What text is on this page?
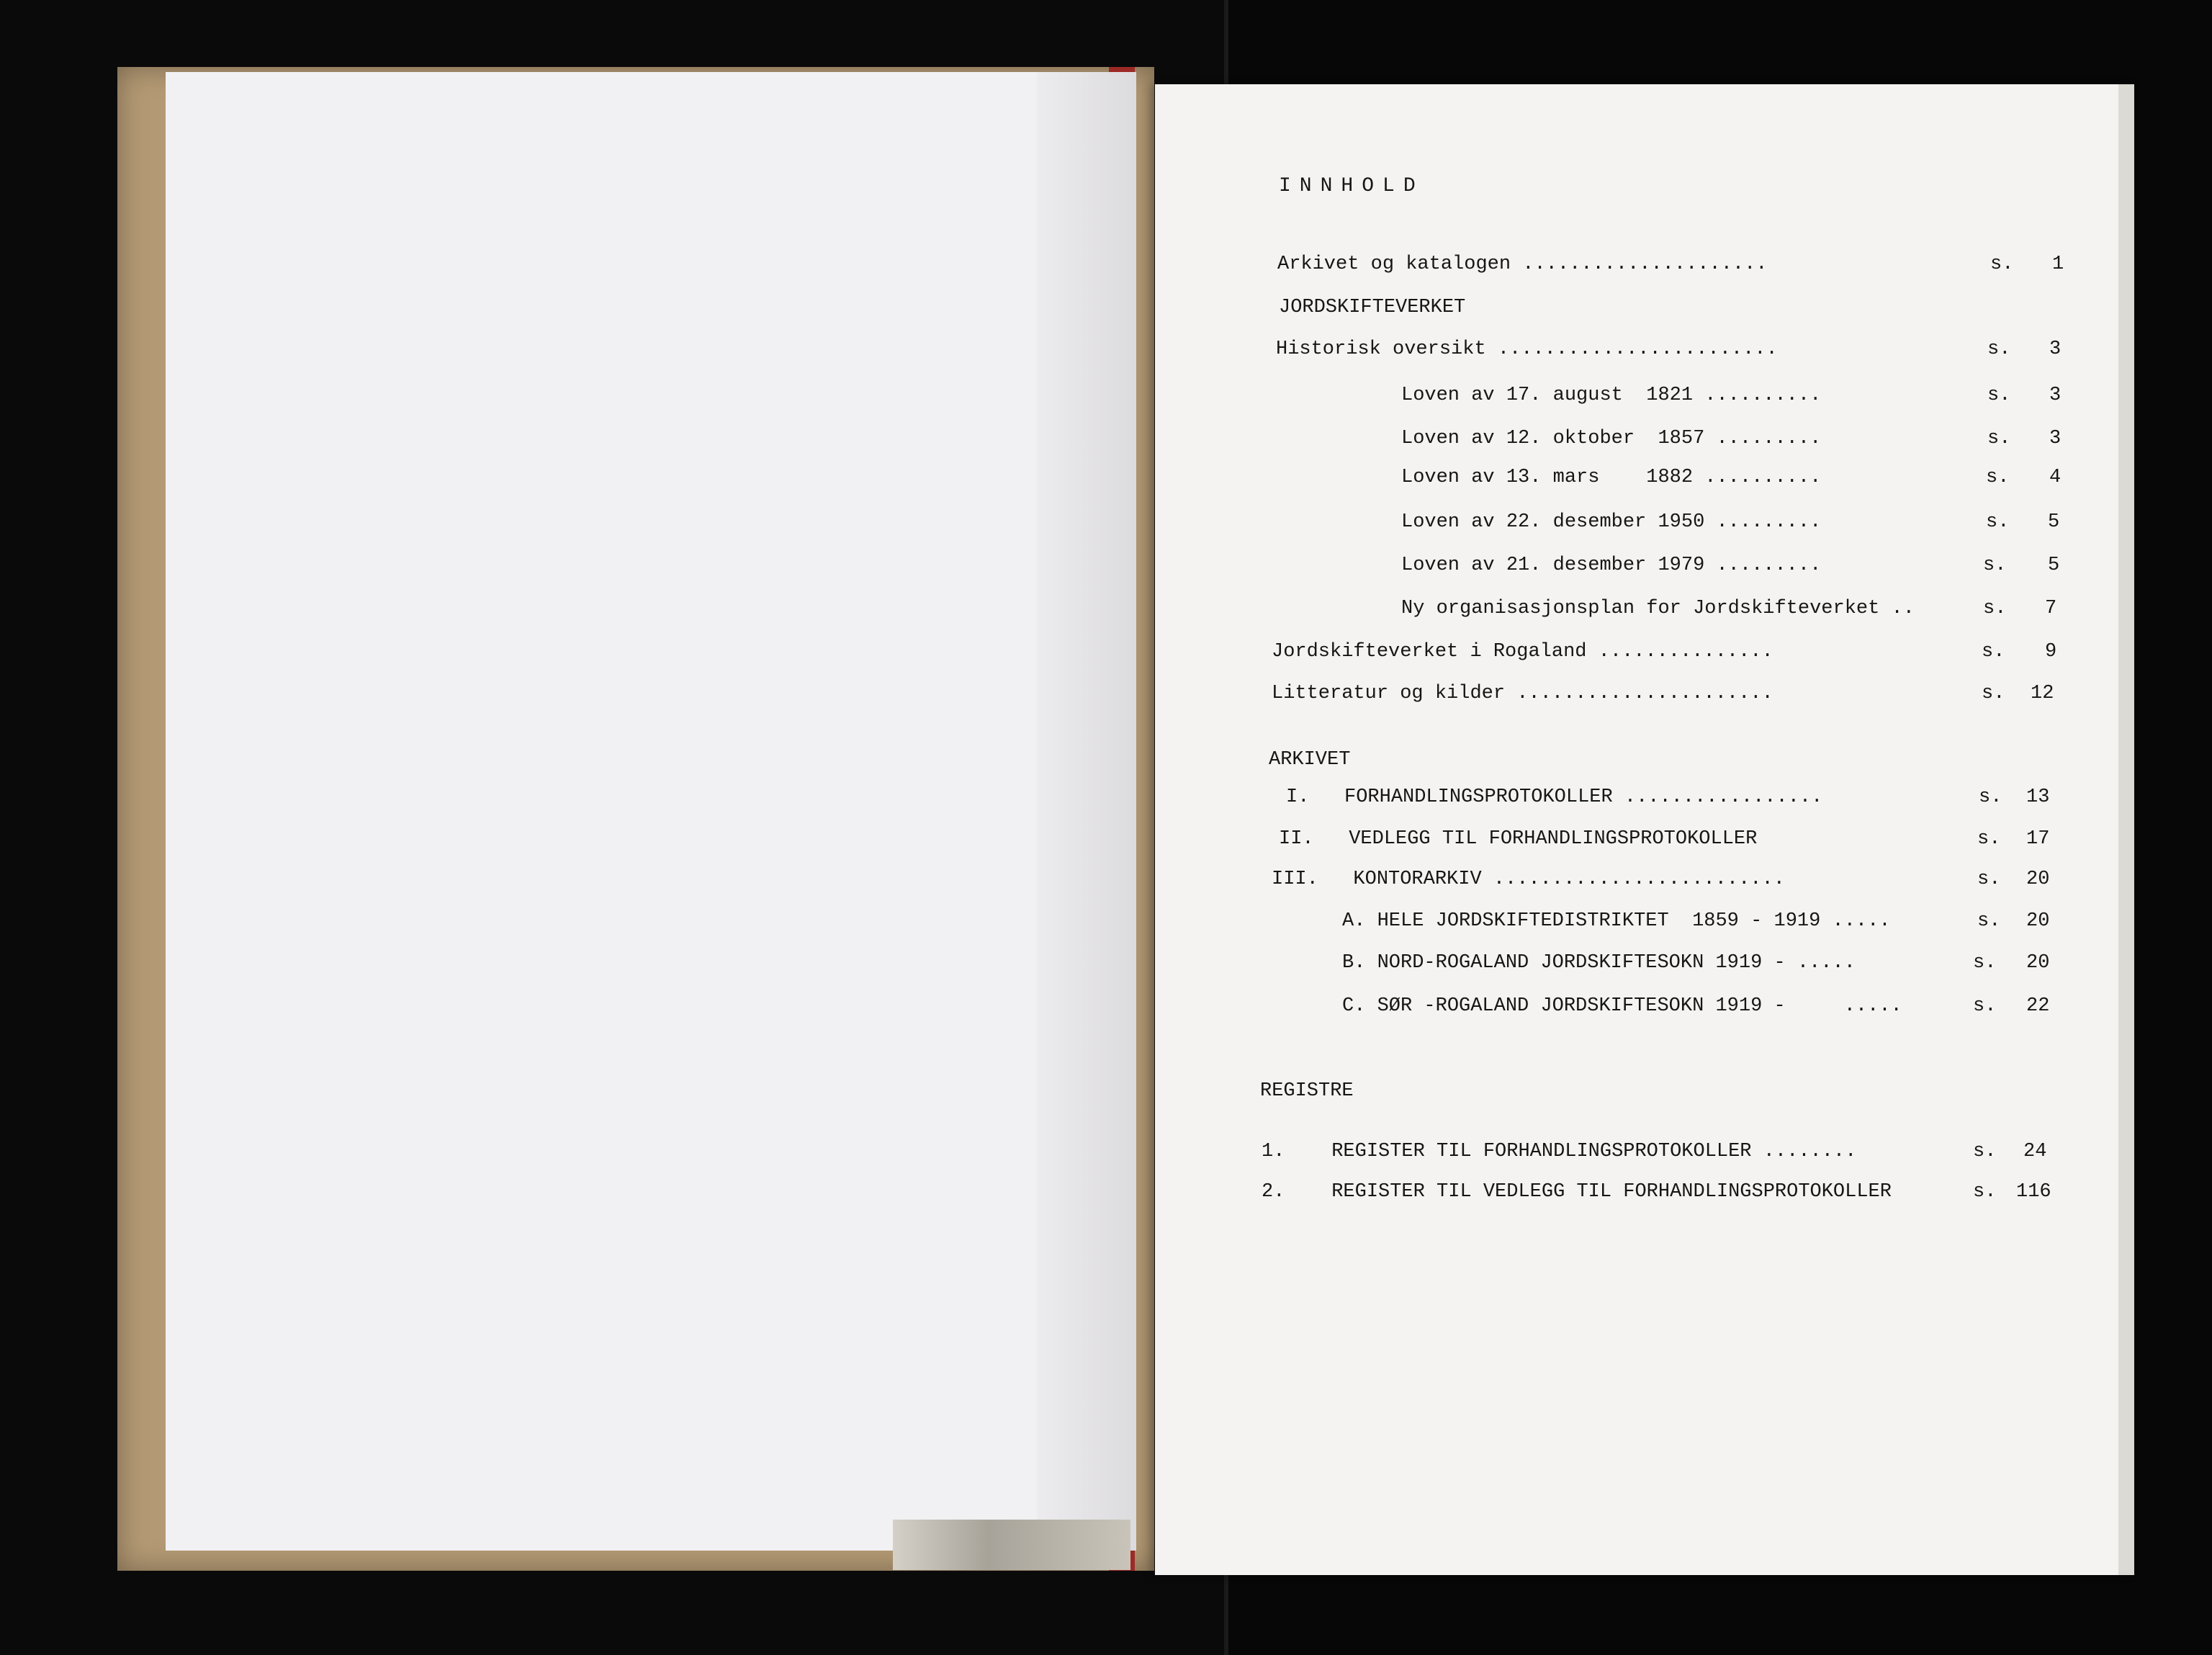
INNHOLD
Arkivet og katalogen .....................	s. 1
JORDSKIFTEVERKET
Historisk oversikt ........................	s. 3
Loven av 17. august  1821 ..........	s. 3
Loven av 12. oktober  1857 .........	s. 3
Loven av 13. mars    1882 ..........	s. 4
Loven av 22. desember 1950 .........	s. 5
Loven av 21. desember 1979 .........	s. 5
Ny organisasjonsplan for Jordskifteverket ..	s. 7
Jordskifteverket i Rogaland ...............	s. 9
Litteratur og kilder ......................	s. 12
ARKIVET
I.   FORHANDLINGSPROTOKOLLER .................	s. 13
II.   VEDLEGG TIL FORHANDLINGSPROTOKOLLER	s. 17
III.   KONTORARKIV .........................	s. 20
A. HELE JORDSKIFTEDISTRIKTET  1859 - 1919 .....	s. 20
B. NORD-ROGALAND JORDSKIFTESOKN 1919 - .....	s. 20
C. SØR -ROGALAND JORDSKIFTESOKN 1919 -     .....	s. 22
REGISTRE
1.    REGISTER TIL FORHANDLINGSPROTOKOLLER ........	s. 24
2.    REGISTER TIL VEDLEGG TIL FORHANDLINGSPROTOKOLLER	s. 116
